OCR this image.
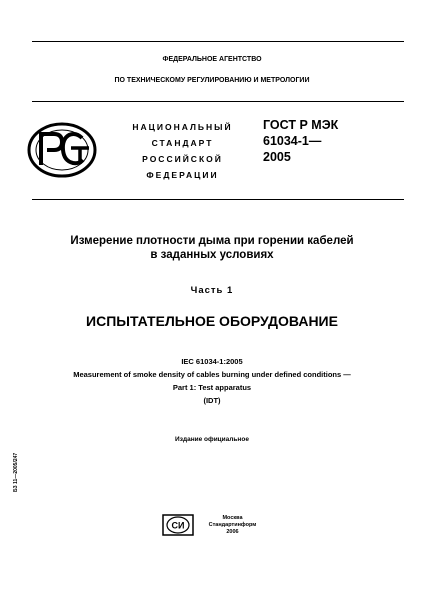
ФЕДЕРАЛЬНОЕ АГЕНТСТВО
ПО ТЕХНИЧЕСКОМУ РЕГУЛИРОВАНИЮ И МЕТРОЛОГИИ
НАЦИОНАЛЬНЫЙ
СТАНДАРТ
РОССИЙСКОЙ
ФЕДЕРАЦИИ
ГОСТ Р МЭК
61034-1—
2005
Измерение плотности дыма при горении кабелей
в заданных условиях
Часть 1
ИСПЫТАТЕЛЬНОЕ ОБОРУДОВАНИЕ
IEC 61034-1:2005
Measurement of smoke density of cables burning under defined conditions —
Part 1: Test apparatus
(IDT)
Издание официальное
БЗ 11—2005/247
СИ
Москва
Стандартинформ
2006
